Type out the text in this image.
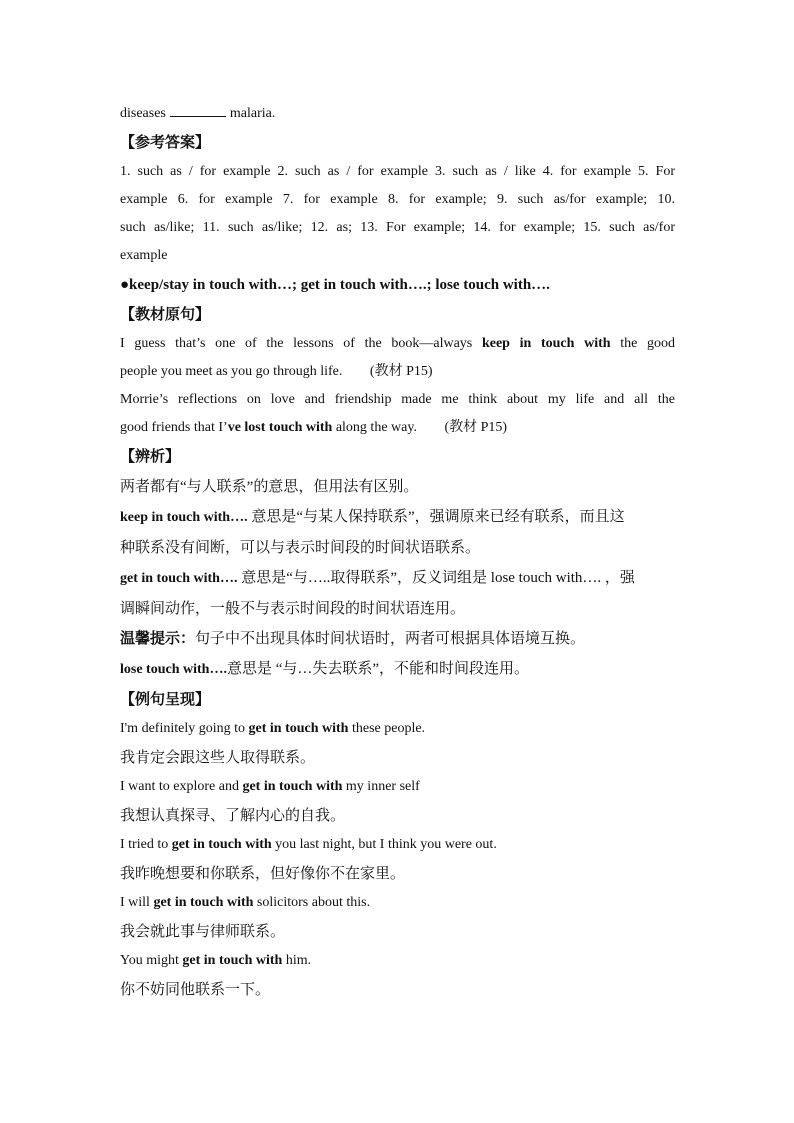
diseases	malaria.
【参考答案】
1. such as / for example 2. such as / for example 3. such as / like 4. for example 5. For
example 6. for example 7. for example 8. for example; 9. such as/for example; 10.
such as/like; 11. such as/like; 12. as; 13. For example; 14. for example; 15. such as/for
example
●keep/stay in touch with…; get in touch with….; lose touch with….
【教材原句】
I guess that’s one of the lessons of the book—always keep in touch with the good
people you meet as you go through life. (教材 P15)
Morrie’s reflections on love and friendship made me think about my life and all the
good friends that I’ve lost touch with along the way. (教材 P15)
【辨析】
两者都有“与人联系”的意思，但用法有区别。
keep in touch with…. 意思是“与某人保持联系”，强调原来已经有联系，而且这
种联系没有间断，可以与表示时间段的时间状语联系。
get in touch with…. 意思是“与…..取得联系”，反义词组是 lose touch with…. ，强
调瞬间动作，一般不与表示时间段的时间状语连用。
温馨提示：句子中不出现具体时间状语时，两者可根据具体语境互换。
lose touch with….意思是 “与…失去联系”，不能和时间段连用。
【例句呈现】
I'm definitely going to get in touch with these people.
我肯定会跟这些人取得联系。
I want to explore and get in touch with my inner self
我想认真探寻、了解内心的自我。
I tried to get in touch with you last night, but I think you were out.
我昨晚想要和你联系，但好像你不在家里。
I will get in touch with solicitors about this.
我会就此事与律师联系。
You might get in touch with him.
你不妨同他联系一下。
